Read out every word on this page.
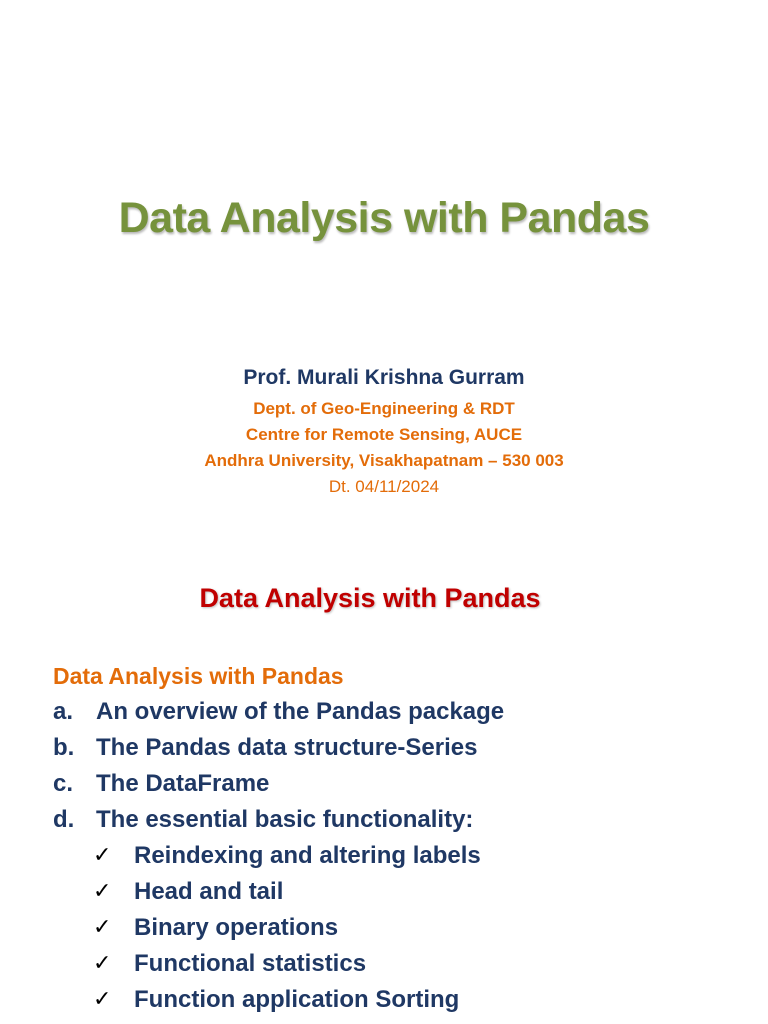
Data Analysis with Pandas
Prof. Murali Krishna Gurram
Dept. of Geo-Engineering & RDT
Centre for Remote Sensing, AUCE
Andhra University, Visakhapatnam – 530 003
Dt. 04/11/2024
Data Analysis with Pandas
Data Analysis with Pandas
a. An overview of the Pandas package
b. The Pandas data structure-Series
c. The DataFrame
d. The essential basic functionality:
✓ Reindexing and altering labels
✓ Head and tail
✓ Binary operations
✓ Functional statistics
✓ Function application Sorting
